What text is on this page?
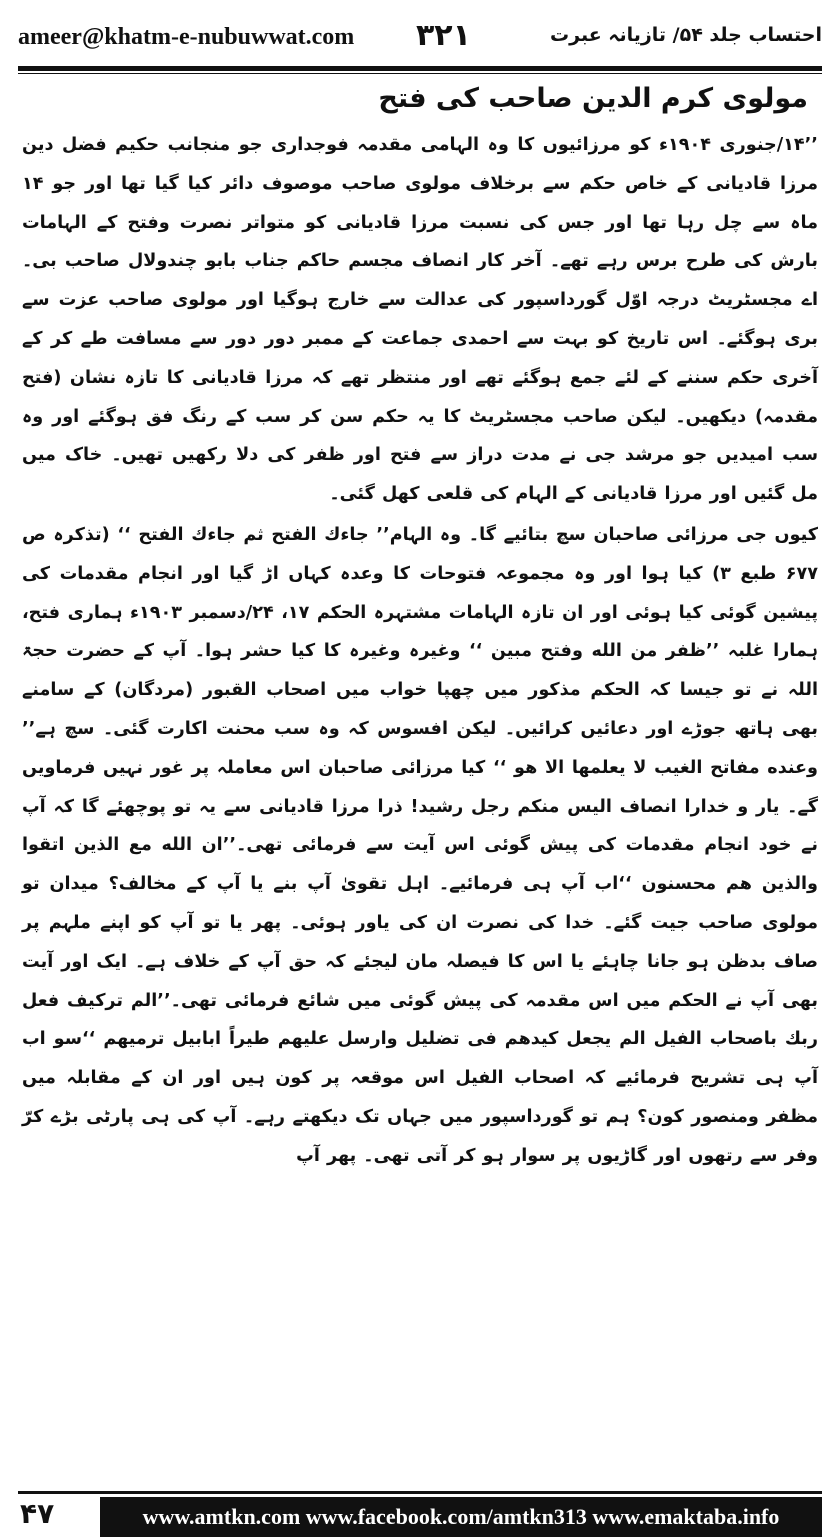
ameer@khatm-e-nubuwwat.com ۳۲۱	احتساب جلد ۵۴/ تازیانہ عبرت
مولوی کرم الدین صاحب کی فتح

’’۱۴/جنوری ۱۹۰۴ء کو مرزائیوں کا وہ الہامی مقدمہ فوجداری جو منجانب حکیم فضل دین مرزا قادیانی کے خاص حکم سے برخلاف مولوی صاحب موصوف دائر کیا گیا تھا اور جو ۱۴ ماہ سے چل رہا تھا اور جس کی نسبت مرزا قادیانی کو متواتر نصرت وفتح کے الہامات بارش کی طرح برس رہے تھے۔ آخر کار انصاف مجسم حاکم جناب بابو چندولال صاحب بی۔اے مجسٹریٹ درجہ اوّل گورداسپور کی عدالت سے خارج ہوگیا اور مولوی صاحب عزت سے بری ہوگئے۔ اس تاریخ کو بہت سے احمدی جماعت کے ممبر دور دور سے مسافت طے کر کے آخری حکم سننے کے لئے جمع ہوگئے تھے اور منتظر تھے کہ مرزا قادیانی کا تازہ نشان (فتح مقدمہ) دیکھیں۔ لیکن صاحب مجسٹریٹ کا یہ حکم سن کر سب کے رنگ فق ہوگئے اور وہ سب امیدیں جو مرشد جی نے مدت دراز سے فتح اور ظفر کی دلا رکھیں تھیں۔ خاک میں مل گئیں اور مرزا قادیانی کے الہام کی قلعی کھل گئی۔

کیوں جی مرزائی صاحبان سچ بتائیے گا۔ وہ الہام’’ جاءك الفتح ثم جاءك الفتح ‘‘ (تذکرہ ص ۶۷۷ طبع ۳) کیا ہوا اور وہ مجموعہ فتوحات کا وعدہ کہاں اڑ گیا اور انجام مقدمات کی پیشین گوئی کیا ہوئی اور ان تازہ الہامات مشتہرہ الحکم ۱۷، ۲۴/دسمبر ۱۹۰۳ء ہماری فتح، ہمارا غلبہ ’’ظفر من الله وفتح مبین ‘‘ وغیرہ وغیرہ کا کیا حشر ہوا۔ آپ کے حضرت حجۃ اللہ نے تو جیسا کہ الحکم مذکور میں چھپا خواب میں اصحاب القبور (مردگان) کے سامنے بھی ہاتھ جوڑے اور دعائیں کرائیں۔ لیکن افسوس کہ وہ سب محنت اکارت گئی۔ سچ ہے’’ وعنده مفاتح الغیب لا یعلمها الا هو ‘‘ کیا مرزائی صاحبان اس معاملہ پر غور نہیں فرماویں گے۔ یار و خدارا انصاف الیس منکم رجل رشید! ذرا مرزا قادیانی سے یہ تو پوچھئے گا کہ آپ نے خود انجام مقدمات کی پیش گوئی اس آیت سے فرمائی تھی۔’’ان الله مع الذین اتقوا والذین هم محسنون ‘‘اب آپ ہی فرمائیے۔ اہل تقویٰ آپ بنے یا آپ کے مخالف؟ میدان تو مولوی صاحب جیت گئے۔ خدا کی نصرت ان کی یاور ہوئی۔ پھر یا تو آپ کو اپنے ملہم پر صاف بدظن ہو جانا چاہئے یا اس کا فیصلہ مان لیجئے کہ حق آپ کے خلاف ہے۔ ایک اور آیت بھی آپ نے الحکم میں اس مقدمہ کی پیش گوئی میں شائع فرمائی تھی۔’’الم ترکیف فعل ربك باصحاب الفیل الم یجعل کیدهم فی تضلیل وارسل علیهم طیراً ابابیل ترمیهم ‘‘سو اب آپ ہی تشریح فرمائیے کہ اصحاب الفیل اس موقعہ پر کون ہیں اور ان کے مقابلہ میں مظفر ومنصور کون؟ ہم تو گورداسپور میں جہاں تک دیکھتے رہے۔ آپ کی ہی پارٹی بڑے کرّ وفر سے رتھوں اور گاڑیوں پر سوار ہو کر آتی تھی۔ پھر آپ

۴۷	www.amtkn.com www.facebook.com/amtkn313 www.emaktaba.info
